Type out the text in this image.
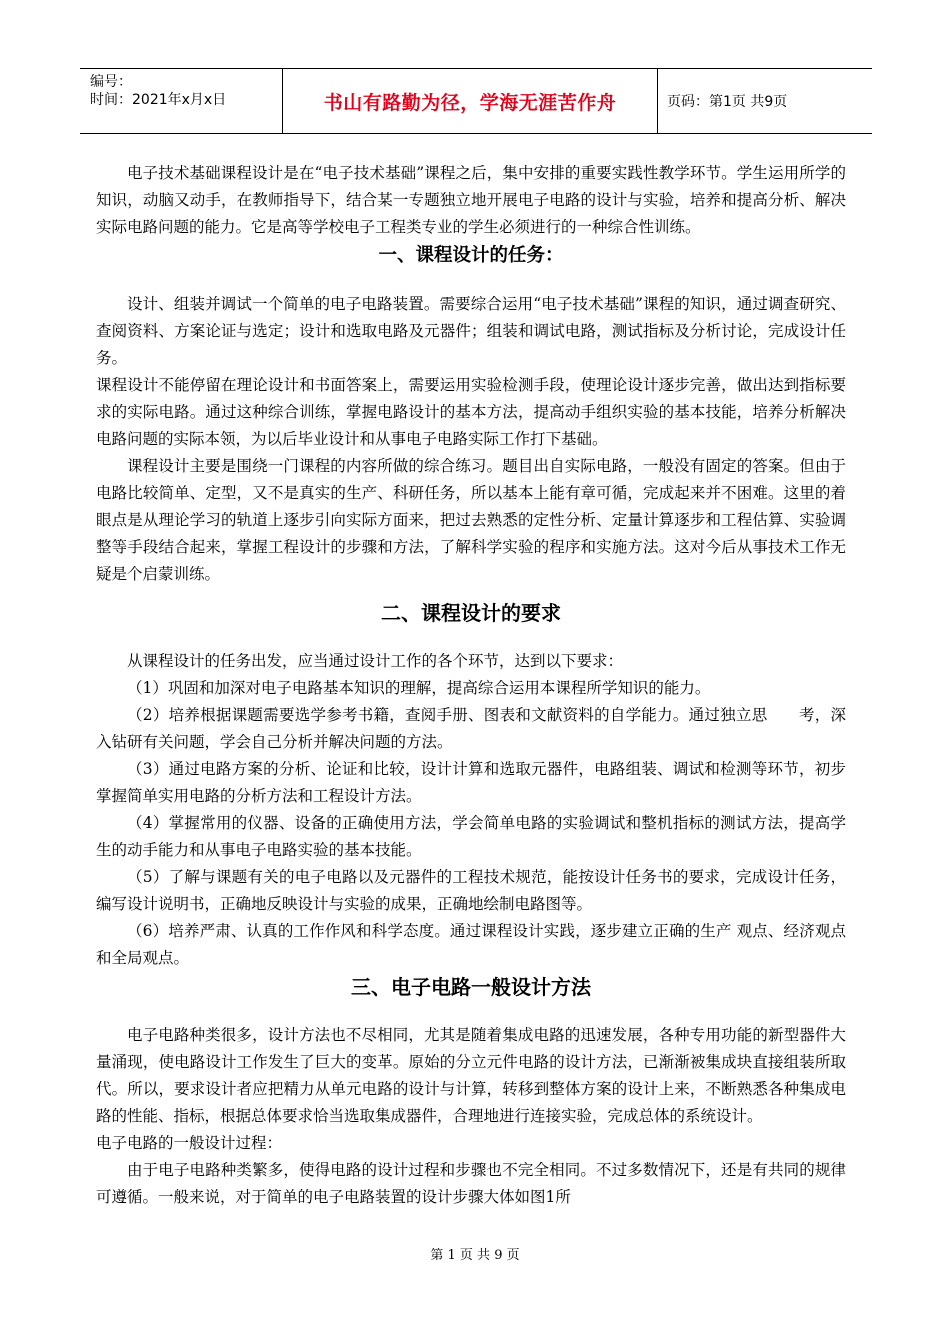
编号：
时间：2021年x月x日	书山有路勤为径，学海无涯苦作舟	页码：第1页 共9页

电子技术基础课程设计是在“电子技术基础”课程之后，集中安排的重要实践性教学环节。学生运用所学的知识，动脑又动手，在教师指导下，结合某一专题独立地开展电子电路的设计与实验，培养和提高分析、解决实际电路问题的能力。它是高等学校电子工程类专业的学生必须进行的一种综合性训练。

一、课程设计的任务：

设计、组装并调试一个简单的电子电路装置。需要综合运用“电子技术基础”课程的知识，通过调查研究、查阅资料、方案论证与选定；设计和选取电路及元器件；组装和调试电路，测试指标及分析讨论，完成设计任务。

课程设计不能停留在理论设计和书面答案上，需要运用实验检测手段，使理论设计逐步完善，做出达到指标要求的实际电路。通过这种综合训练，掌握电路设计的基本方法，提高动手组织实验的基本技能，培养分析解决电路问题的实际本领，为以后毕业设计和从事电子电路实际工作打下基础。

课程设计主要是围绕一门课程的内容所做的综合练习。题目出自实际电路，一般没有固定的答案。但由于电路比较简单、定型，又不是真实的生产、科研任务，所以基本上能有章可循，完成起来并不困难。这里的着眼点是从理论学习的轨道上逐步引向实际方面来，把过去熟悉的定性分析、定量计算逐步和工程估算、实验调整等手段结合起来，掌握工程设计的步骤和方法，了解科学实验的程序和实施方法。这对今后从事技术工作无疑是个启蒙训练。

二、课程设计的要求

从课程设计的任务出发，应当通过设计工作的各个环节，达到以下要求：

（1）巩固和加深对电子电路基本知识的理解，提高综合运用本课程所学知识的能力。

（2）培养根据课题需要选学参考书籍，查阅手册、图表和文献资料的自学能力。通过独立思　　考，深入钻研有关问题，学会自己分析并解决问题的方法。

（3）通过电路方案的分析、论证和比较，设计计算和选取元器件，电路组装、调试和检测等环节，初步掌握简单实用电路的分析方法和工程设计方法。

（4）掌握常用的仪器、设备的正确使用方法，学会简单电路的实验调试和整机指标的测试方法，提高学生的动手能力和从事电子电路实验的基本技能。

（5）了解与课题有关的电子电路以及元器件的工程技术规范，能按设计任务书的要求，完成设计任务，编写设计说明书，正确地反映设计与实验的成果，正确地绘制电路图等。

（6）培养严肃、认真的工作作风和科学态度。通过课程设计实践，逐步建立正确的生产 观点、经济观点和全局观点。

三、电子电路一般设计方法

电子电路种类很多，设计方法也不尽相同，尤其是随着集成电路的迅速发展，各种专用功能的新型器件大量涌现，使电路设计工作发生了巨大的变革。原始的分立元件电路的设计方法，已渐渐被集成块直接组装所取代。所以，要求设计者应把精力从单元电路的设计与计算，转移到整体方案的设计上来，不断熟悉各种集成电路的性能、指标，根据总体要求恰当选取集成器件，合理地进行连接实验，完成总体的系统设计。

电子电路的一般设计过程：

由于电子电路种类繁多，使得电路的设计过程和步骤也不完全相同。不过多数情况下，还是有共同的规律可遵循。一般来说，对于简单的电子电路装置的设计步骤大体如图1所

第 1 页 共 9 页
